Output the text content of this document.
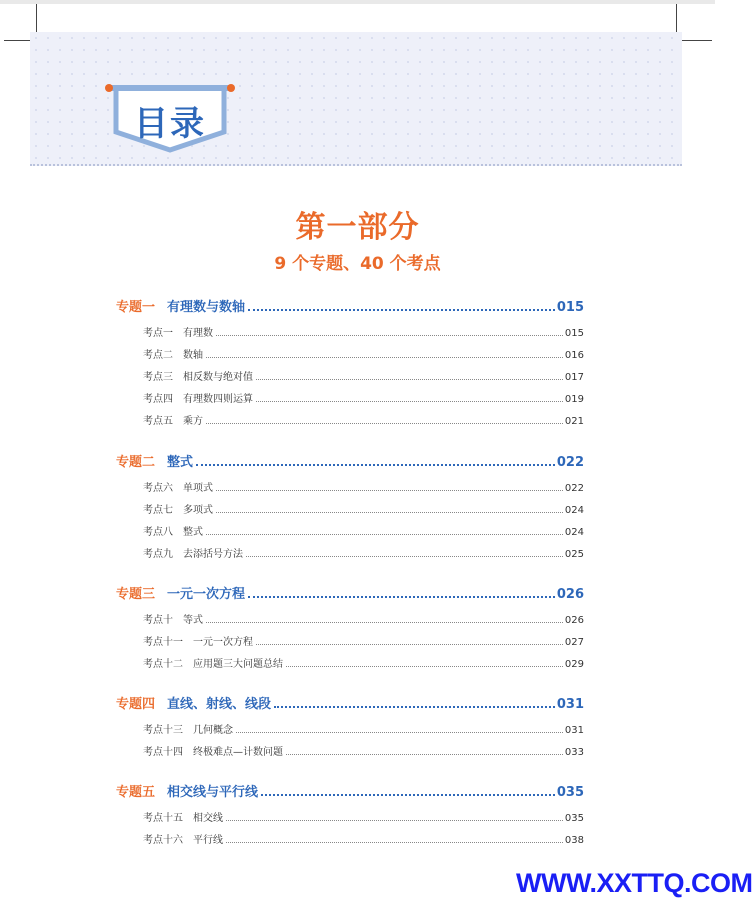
目录
第一部分
9 个专题、40 个考点
专题一 有理数与数轴	015
考点一 有理数	015
考点二 数轴	016
考点三 相反数与绝对值	017
考点四 有理数四则运算	019
考点五 乘方	021
专题二 整式	022
考点六 单项式	022
考点七 多项式	024
考点八 整式	024
考点九 去添括号方法	025
专题三 一元一次方程	026
考点十 等式	026
考点十一 一元一次方程	027
考点十二 应用题三大问题总结	029
专题四 直线、射线、线段	031
考点十三 几何概念	031
考点十四 终极难点—计数问题	033
专题五 相交线与平行线	035
考点十五 相交线	035
考点十六 平行线	038
WWW.XXTTQ.COM
